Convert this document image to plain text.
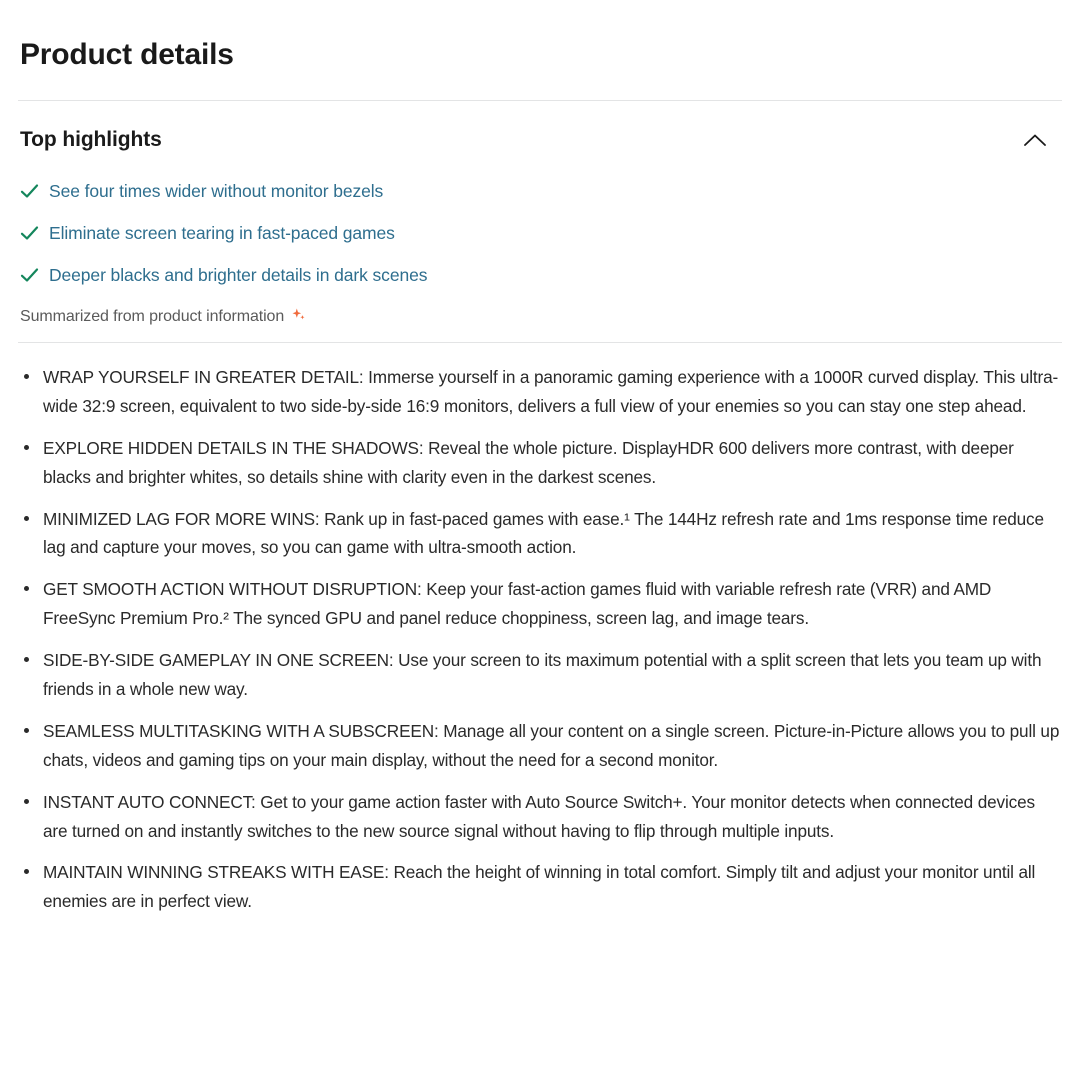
Product details
Top highlights
See four times wider without monitor bezels
Eliminate screen tearing in fast-paced games
Deeper blacks and brighter details in dark scenes
Summarized from product information
WRAP YOURSELF IN GREATER DETAIL: Immerse yourself in a panoramic gaming experience with a 1000R curved display. This ultra-wide 32:9 screen, equivalent to two side-by-side 16:9 monitors, delivers a full view of your enemies so you can stay one step ahead.
EXPLORE HIDDEN DETAILS IN THE SHADOWS: Reveal the whole picture. DisplayHDR 600 delivers more contrast, with deeper blacks and brighter whites, so details shine with clarity even in the darkest scenes.
MINIMIZED LAG FOR MORE WINS: Rank up in fast-paced games with ease.¹ The 144Hz refresh rate and 1ms response time reduce lag and capture your moves, so you can game with ultra-smooth action.
GET SMOOTH ACTION WITHOUT DISRUPTION: Keep your fast-action games fluid with variable refresh rate (VRR) and AMD FreeSync Premium Pro.² The synced GPU and panel reduce choppiness, screen lag, and image tears.
SIDE-BY-SIDE GAMEPLAY IN ONE SCREEN: Use your screen to its maximum potential with a split screen that lets you team up with friends in a whole new way.
SEAMLESS MULTITASKING WITH A SUBSCREEN: Manage all your content on a single screen. Picture-in-Picture allows you to pull up chats, videos and gaming tips on your main display, without the need for a second monitor.
INSTANT AUTO CONNECT: Get to your game action faster with Auto Source Switch+. Your monitor detects when connected devices are turned on and instantly switches to the new source signal without having to flip through multiple inputs.
MAINTAIN WINNING STREAKS WITH EASE: Reach the height of winning in total comfort. Simply tilt and adjust your monitor until all enemies are in perfect view.
